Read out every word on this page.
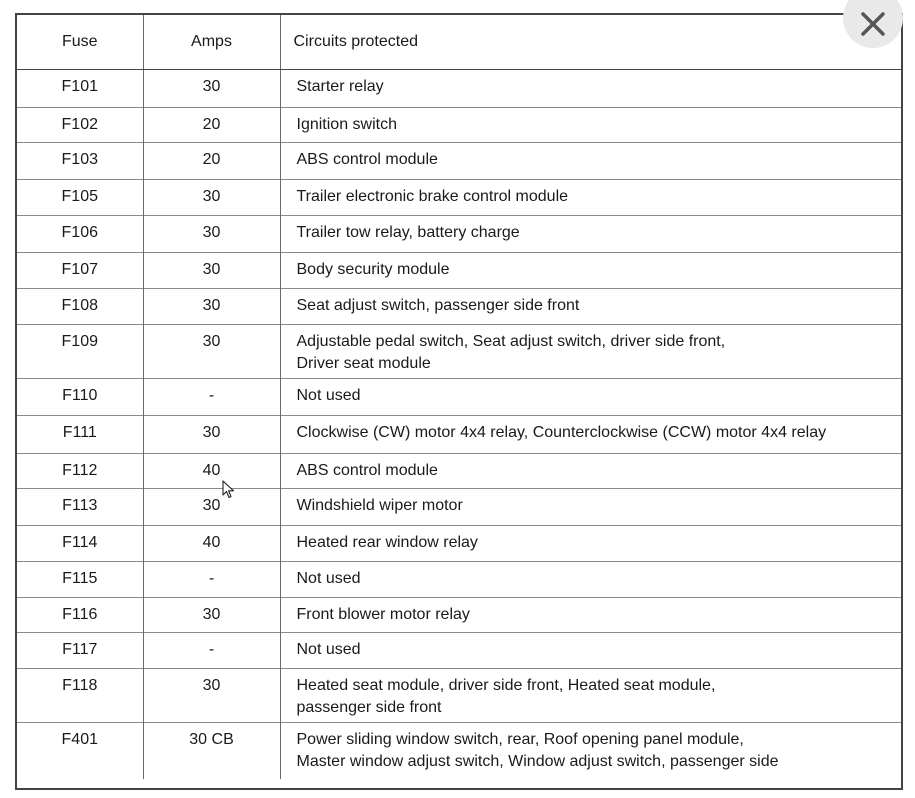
Fuse	Amps	Circuits protected
F101	30	Starter relay
F102	20	Ignition switch
F103	20	ABS control module
F105	30	Trailer electronic brake control module
F106	30	Trailer tow relay, battery charge
F107	30	Body security module
F108	30	Seat adjust switch, passenger side front
F109	30	Adjustable pedal switch, Seat adjust switch, driver side front,
Driver seat module
F110	-	Not used
F111	30	Clockwise (CW) motor 4x4 relay, Counterclockwise (CCW) motor 4x4 relay
F112	40	ABS control module
F113	30	Windshield wiper motor
F114	40	Heated rear window relay
F115	-	Not used
F116	30	Front blower motor relay
F117	-	Not used
F118	30	Heated seat module, driver side front, Heated seat module,
passenger side front
F401	30 CB	Power sliding window switch, rear, Roof opening panel module,
Master window adjust switch, Window adjust switch, passenger side
